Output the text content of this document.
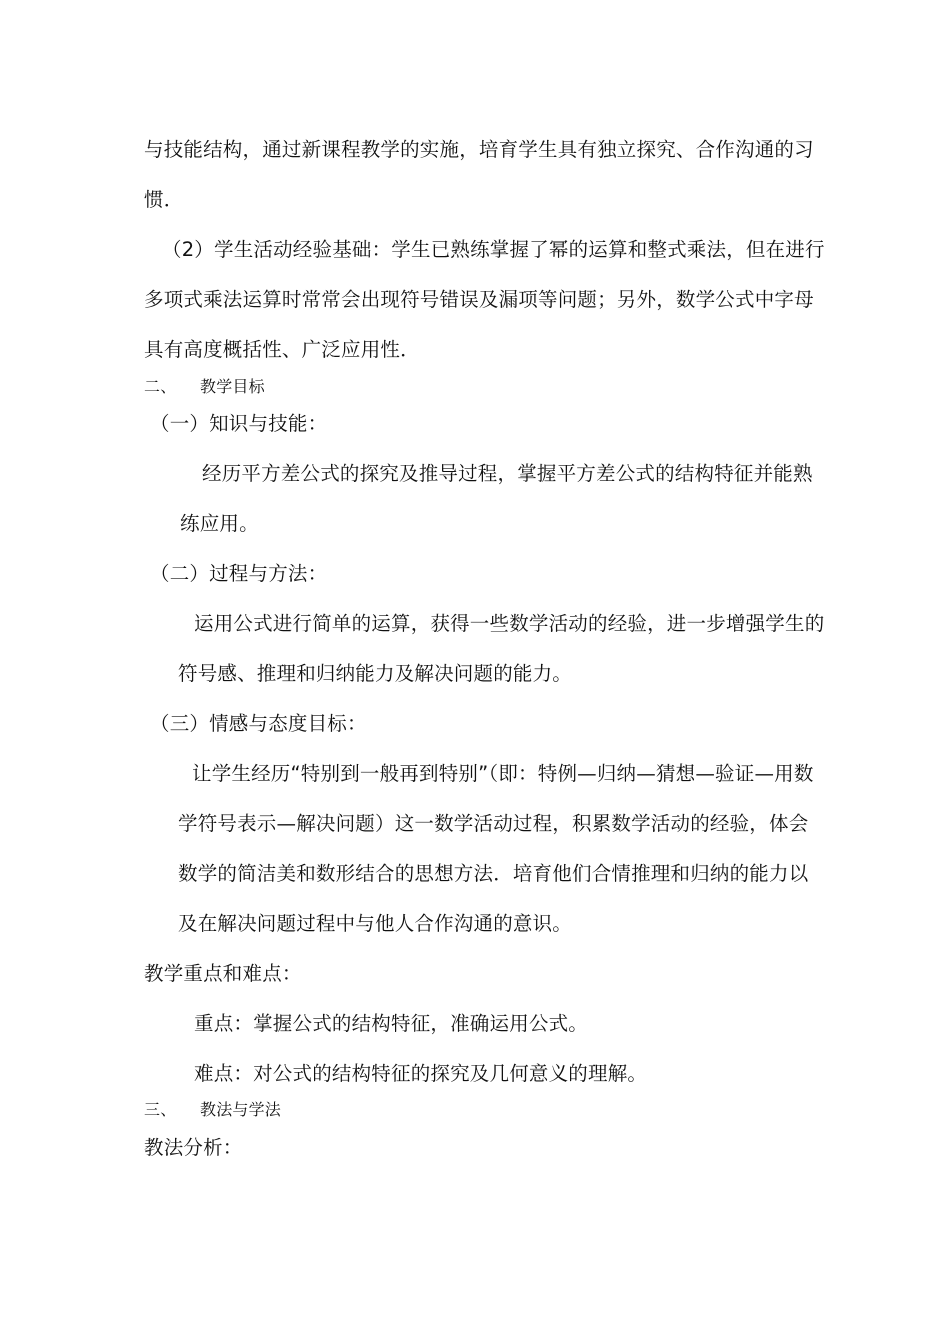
与技能结构，通过新课程教学的实施，培育学生具有独立探究、合作沟通的习

惯．

（2）学生活动经验基础：学生已熟练掌握了幂的运算和整式乘法，但在进行

多项式乘法运算时常常会出现符号错误及漏项等问题；另外，数学公式中字母

具有高度概括性、广泛应用性．

二、 教学目标

（一）知识与技能：

经历平方差公式的探究及推导过程，掌握平方差公式的结构特征并能熟

练应用。

（二）过程与方法：

运用公式进行简单的运算，获得一些数学活动的经验，进一步增强学生的

符号感、推理和归纳能力及解决问题的能力。

（三）情感与态度目标：

让学生经历“特别到一般再到特别”（即：特例—归纳—猜想—验证—用数

学符号表示—解决问题）这一数学活动过程，积累数学活动的经验，体会

数学的简洁美和数形结合的思想方法．培育他们合情推理和归纳的能力以

及在解决问题过程中与他人合作沟通的意识。

教学重点和难点：

重点：掌握公式的结构特征，准确运用公式。

难点：对公式的结构特征的探究及几何意义的理解。

三、 教法与学法

教法分析：
